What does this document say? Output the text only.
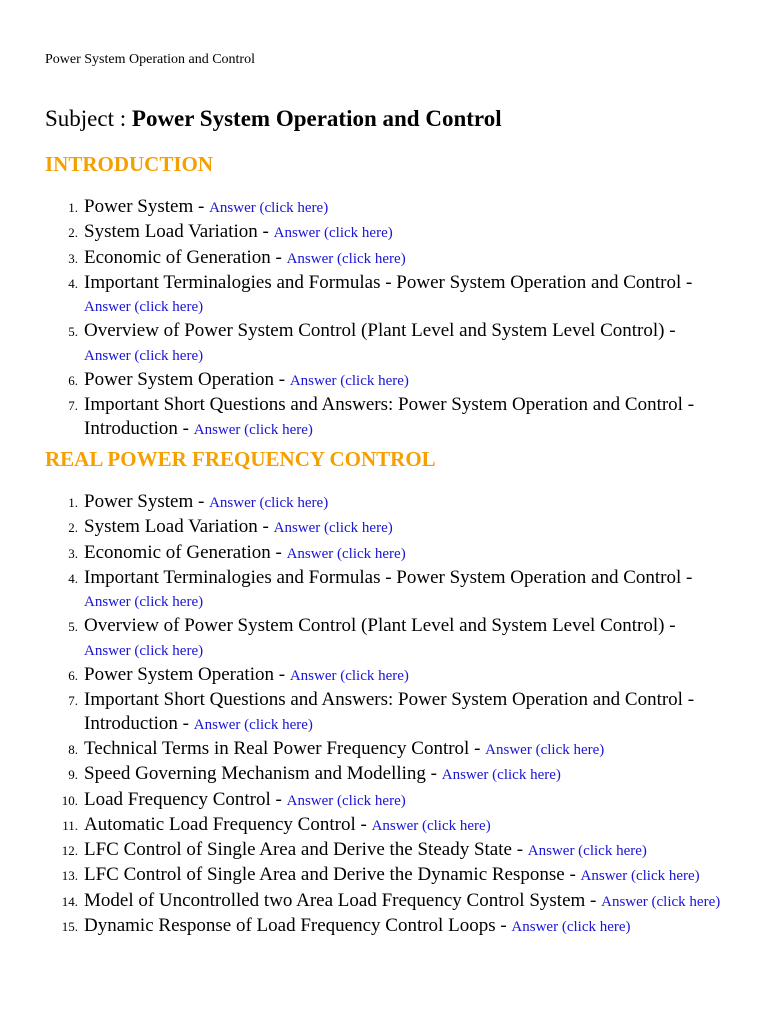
Power System Operation and Control
Subject : Power System Operation and Control
INTRODUCTION
1. Power System - Answer (click here)
2. System Load Variation - Answer (click here)
3. Economic of Generation - Answer (click here)
4. Important Terminalogies and Formulas - Power System Operation and Control - Answer (click here)
5. Overview of Power System Control (Plant Level and System Level Control) - Answer (click here)
6. Power System Operation - Answer (click here)
7. Important Short Questions and Answers: Power System Operation and Control - Introduction - Answer (click here)
REAL POWER FREQUENCY CONTROL
1. Power System - Answer (click here)
2. System Load Variation - Answer (click here)
3. Economic of Generation - Answer (click here)
4. Important Terminalogies and Formulas - Power System Operation and Control - Answer (click here)
5. Overview of Power System Control (Plant Level and System Level Control) - Answer (click here)
6. Power System Operation - Answer (click here)
7. Important Short Questions and Answers: Power System Operation and Control - Introduction - Answer (click here)
8. Technical Terms in Real Power Frequency Control - Answer (click here)
9. Speed Governing Mechanism and Modelling - Answer (click here)
10. Load Frequency Control - Answer (click here)
11. Automatic Load Frequency Control - Answer (click here)
12. LFC Control of Single Area and Derive the Steady State - Answer (click here)
13. LFC Control of Single Area and Derive the Dynamic Response - Answer (click here)
14. Model of Uncontrolled two Area Load Frequency Control System - Answer (click here)
15. Dynamic Response of Load Frequency Control Loops - Answer (click here)
